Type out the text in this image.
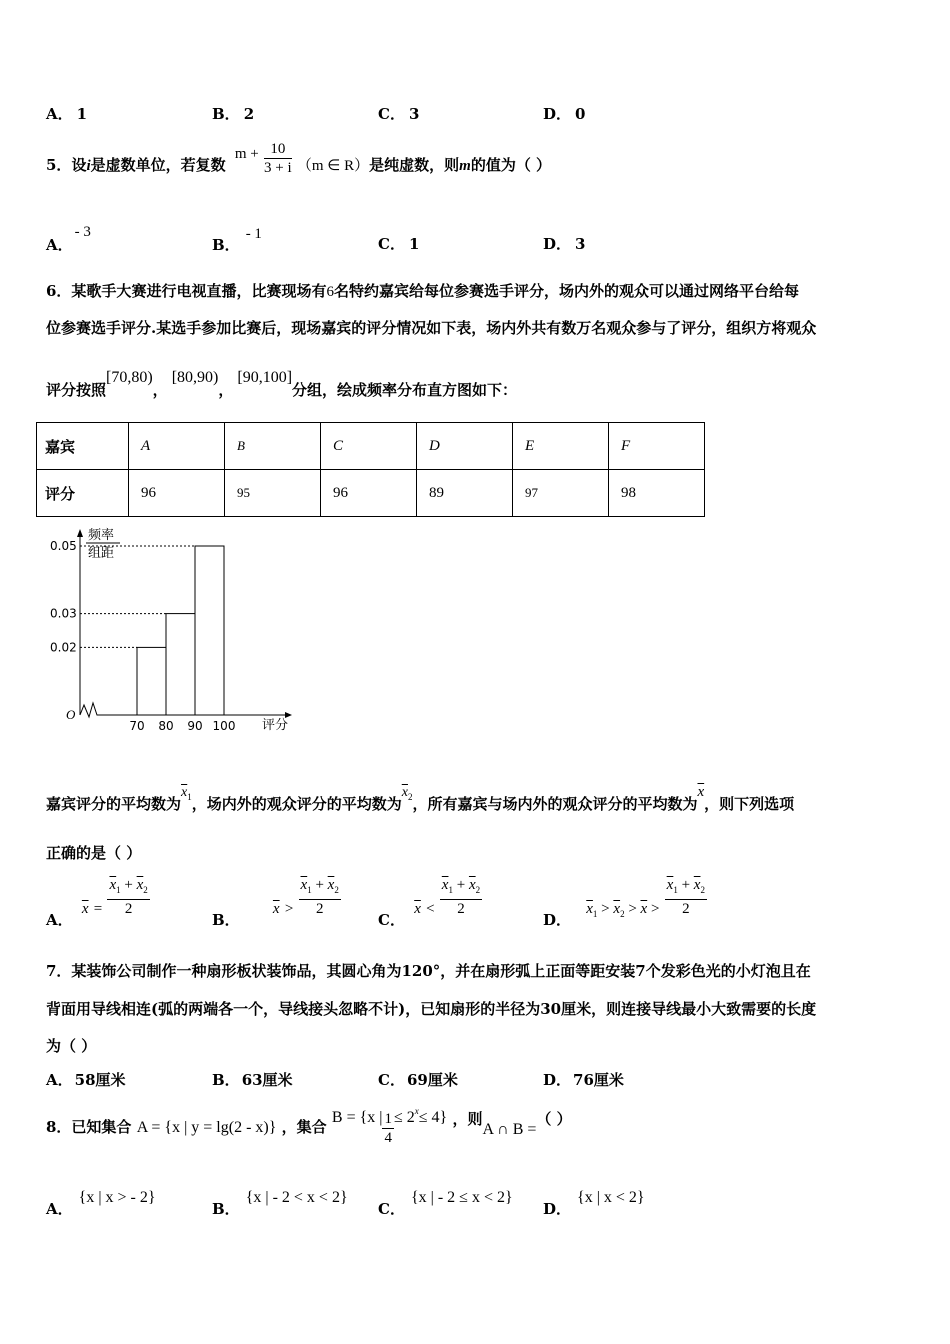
A． 1	B． 2	C． 3	D． 0
5．设i是虚数单位，若复数 $m + \frac{10}{3 + i} (m$ ∈ R）是纯虚数，则m的值为（ ）
A．- 3
B．- 1
C． 1	D． 3
6．某歌手大赛进行电视直播，比赛现场有6名特约嘉宾给每位参赛选手评分，场内外的观众可以通过网络平台给每
位参赛选手评分.某选手参加比赛后，现场嘉宾的评分情况如下表，场内外共有数万名观众参与了评分，组织方将观众
评分按照[70,80)，[80,90)，[90,100]分组，绘成频率分布直方图如下：
嘉宾	A	B	C	D	E	F
评分	96	95	96	89	97	98
O
频率
组距
0.02
0.03
0.05
70 80 90 100 评分
嘉宾评分的平均数为$\overline{x}_1$，场内外的观众评分的平均数为$\overline{x}_2$，所有嘉宾与场内外的观众评分的平均数为$\overline{x}$，则下列选项
正确的是（ ）
A． $\overline{x} = \frac{\overline{x}_1 + \overline{x}_2}{2}$
B． $\overline{x} > \frac{\overline{x}_1 + \overline{x}_2}{2}$
C． $\overline{x} < \frac{\overline{x}_1 + \overline{x}_2}{2}$
D． $\overline{x}_1 > \overline{x}_2 > \overline{x} > \frac{\overline{x}_1 + \overline{x}_2}{2}$
7．某装饰公司制作一种扇形板状装饰品，其圆心角为120°，并在扇形弧上正面等距安装7个发彩色光的小灯泡且在
背面用导线相连(弧的两端各一个，导线接头忽略不计)，已知扇形的半径为30厘米，则连接导线最小大致需要的长度
为（ ）
A． 58厘米	B． 63厘米	C． 69厘米	D． 76厘米
8．已知集合 A = {x | y = lg(2 - x)} ，集合 B = {x | $\frac{1}{4} \le 2^x\le 4$} ，则A ∩ B =（ ）
A．{x | x > - 2}
B．{x | - 2 < x < 2}
C．{x | - 2 ≤ x < 2}
D．{x | x < 2}
